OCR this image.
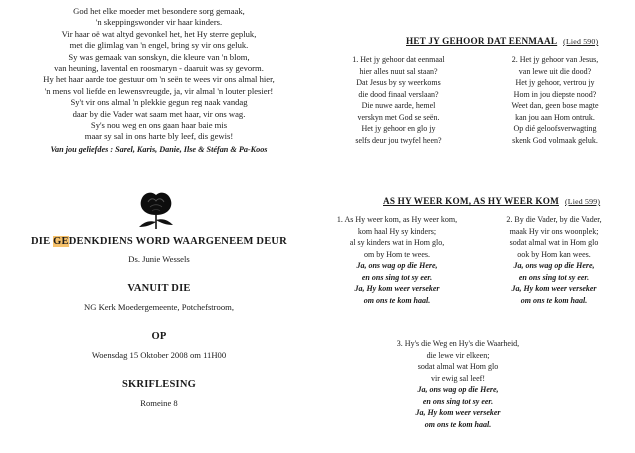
God het elke moeder met besondere sorg gemaak,
'n skeppingswonder vir haar kinders.
Vir haar oë wat altyd gevonkel het, het Hy sterre gepluk,
met die glimlag van 'n engel, bring sy vir ons geluk.
Sy was gemaak van sonskyn, die kleure van 'n blom,
van heuning, lavental en roosmaryn - daaruit was sy gevorm.
Hy het haar aarde toe gestuur om 'n seën te wees vir ons almal hier,
'n mens vol liefde en lewensvreugde, ja, vir almal 'n louter plesier!
Sy't vir ons almal 'n plekkie gegun reg naak vandag
daar by die Vader wat saam met haar, vir ons wag.
Sy's nou weg en ons gaan haar baie mis
maar sy sal in ons harte bly leef, dis gewis!
Van jou geliefdes : Sarel, Karis, Danie, Ilse & Stéfan & Pa-Koos
DIE GEDENKDIENS WORD WAARGENEEM DEUR
Ds. Junie Wessels
VANUIT DIE
NG Kerk Moedergemeente, Potchefstroom,
OP
Woensdag 15 Oktober 2008 om 11H00
SKRIFLESING
Romeine 8
HET JY GEHOOR DAT EENMAAL (Lied 590)
1. Het jy gehoor dat eenmaal
hier alles nuut sal staan?
Dat Jesus by sy weerkoms
die dood finaal verslaan?
Die nuwe aarde, hemel
verskyn met God se seën.
Het jy gehoor en glo jy
selfs deur jou twyfel heen?
2. Het jy gehoor van Jesus,
van lewe uit die dood?
Het jy gehoor, vertrou jy
Hom in jou diepste nood?
Weet dan, geen bose magte
kan jou aan Hom ontruk.
Op dié geloofsverwagting
skenk God volmaak geluk.
AS HY WEER KOM, AS HY WEER KOM (Lied 599)
1. As Hy weer kom, as Hy weer kom,
kom haal Hy sy kinders;
al sy kinders wat in Hom glo,
om by Hom te wees.
Ja, ons wag op die Here,
en ons sing tot sy eer.
Ja, Hy kom weer verseker
om ons te kom haal.
2. By die Vader, by die Vader,
maak Hy vir ons woonplek;
sodat almal wat in Hom glo
ook by Hom kan wees.
Ja, ons wag op die Here,
en ons sing tot sy eer.
Ja, Hy kom weer verseker
om ons te kom haal.
3. Hy's die Weg en Hy's die Waarheid,
die lewe vir elkeen;
sodat almal wat Hom glo
vir ewig sal leef!
Ja, ons wag op die Here,
en ons sing tot sy eer.
Ja, Hy kom weer verseker
om ons te kom haal.
